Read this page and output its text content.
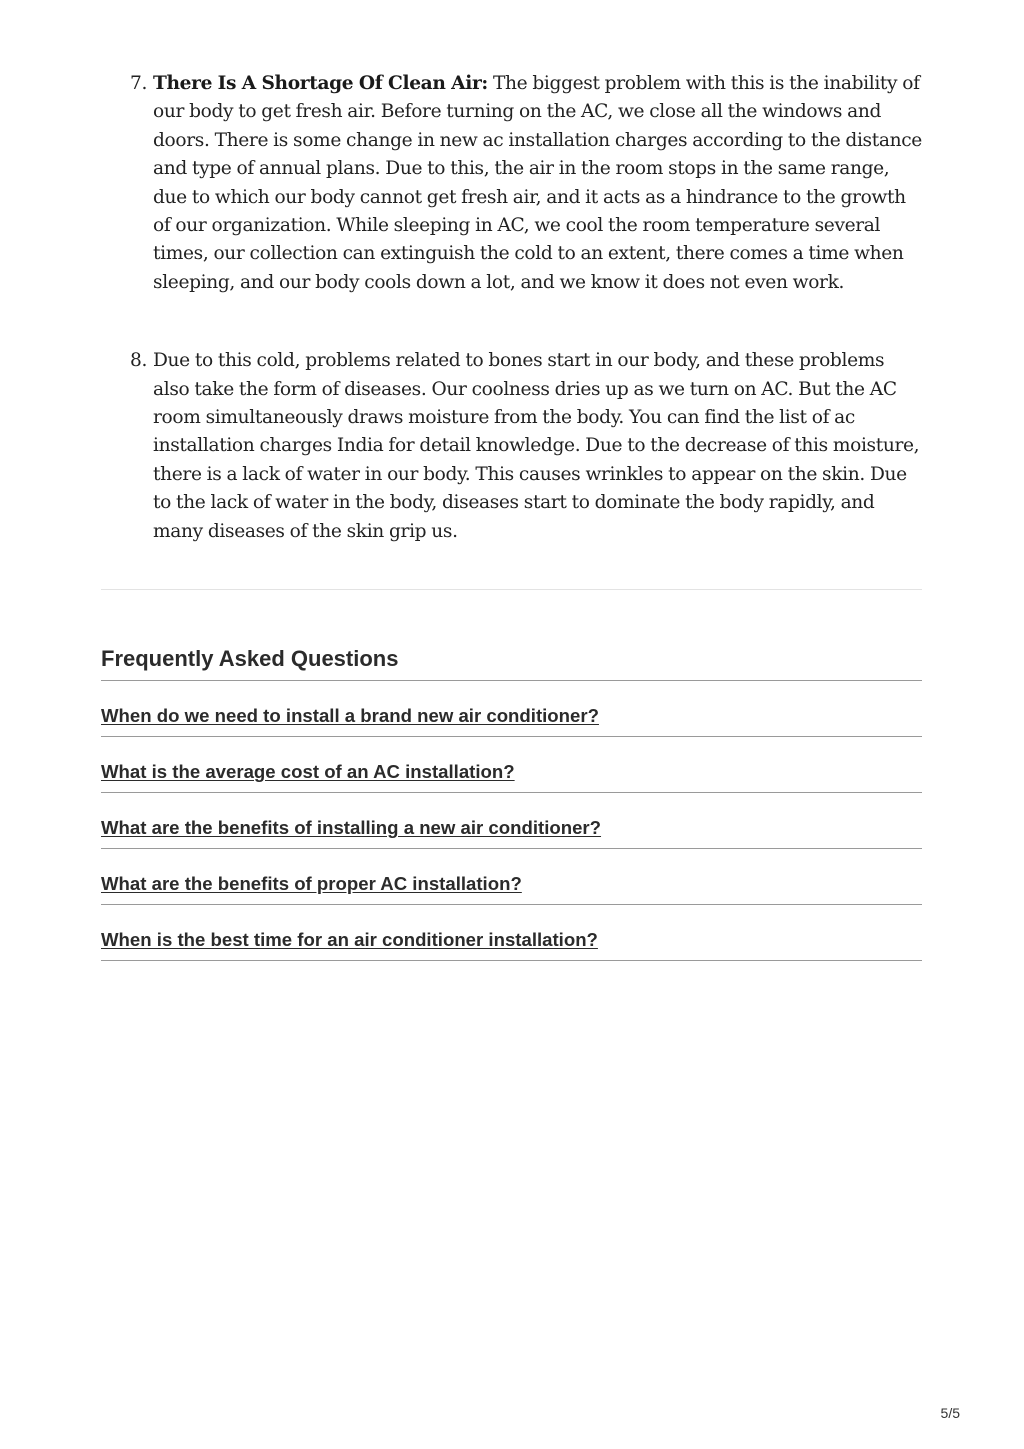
7. There Is A Shortage Of Clean Air: The biggest problem with this is the inability of our body to get fresh air. Before turning on the AC, we close all the windows and doors. There is some change in new ac installation charges according to the distance and type of annual plans. Due to this, the air in the room stops in the same range, due to which our body cannot get fresh air, and it acts as a hindrance to the growth of our organization. While sleeping in AC, we cool the room temperature several times, our collection can extinguish the cold to an extent, there comes a time when sleeping, and our body cools down a lot, and we know it does not even work.
8. Due to this cold, problems related to bones start in our body, and these problems also take the form of diseases. Our coolness dries up as we turn on AC. But the AC room simultaneously draws moisture from the body. You can find the list of ac installation charges India for detail knowledge. Due to the decrease of this moisture, there is a lack of water in our body. This causes wrinkles to appear on the skin. Due to the lack of water in the body, diseases start to dominate the body rapidly, and many diseases of the skin grip us.
Frequently Asked Questions
When do we need to install a brand new air conditioner?
What is the average cost of an AC installation?
What are the benefits of installing a new air conditioner?
What are the benefits of proper AC installation?
When is the best time for an air conditioner installation?
5/5
